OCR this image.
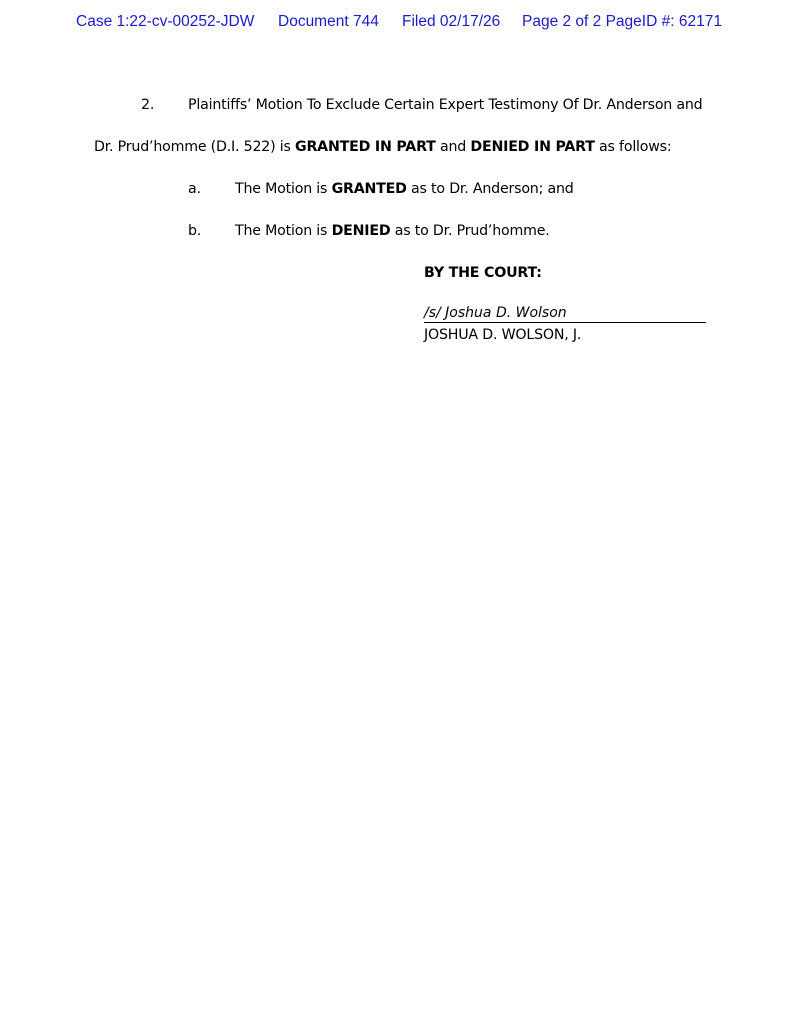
Case 1:22-cv-00252-JDW Document 744 Filed 02/17/26 Page 2 of 2 PageID #: 62171
2. Plaintiffs’ Motion To Exclude Certain Expert Testimony Of Dr. Anderson and
Dr. Prud’homme (D.I. 522) is GRANTED IN PART and DENIED IN PART as follows:
a. The Motion is GRANTED as to Dr. Anderson; and
b. The Motion is DENIED as to Dr. Prud’homme.
BY THE COURT:
/s/ Joshua D. Wolson
JOSHUA D. WOLSON, J.
